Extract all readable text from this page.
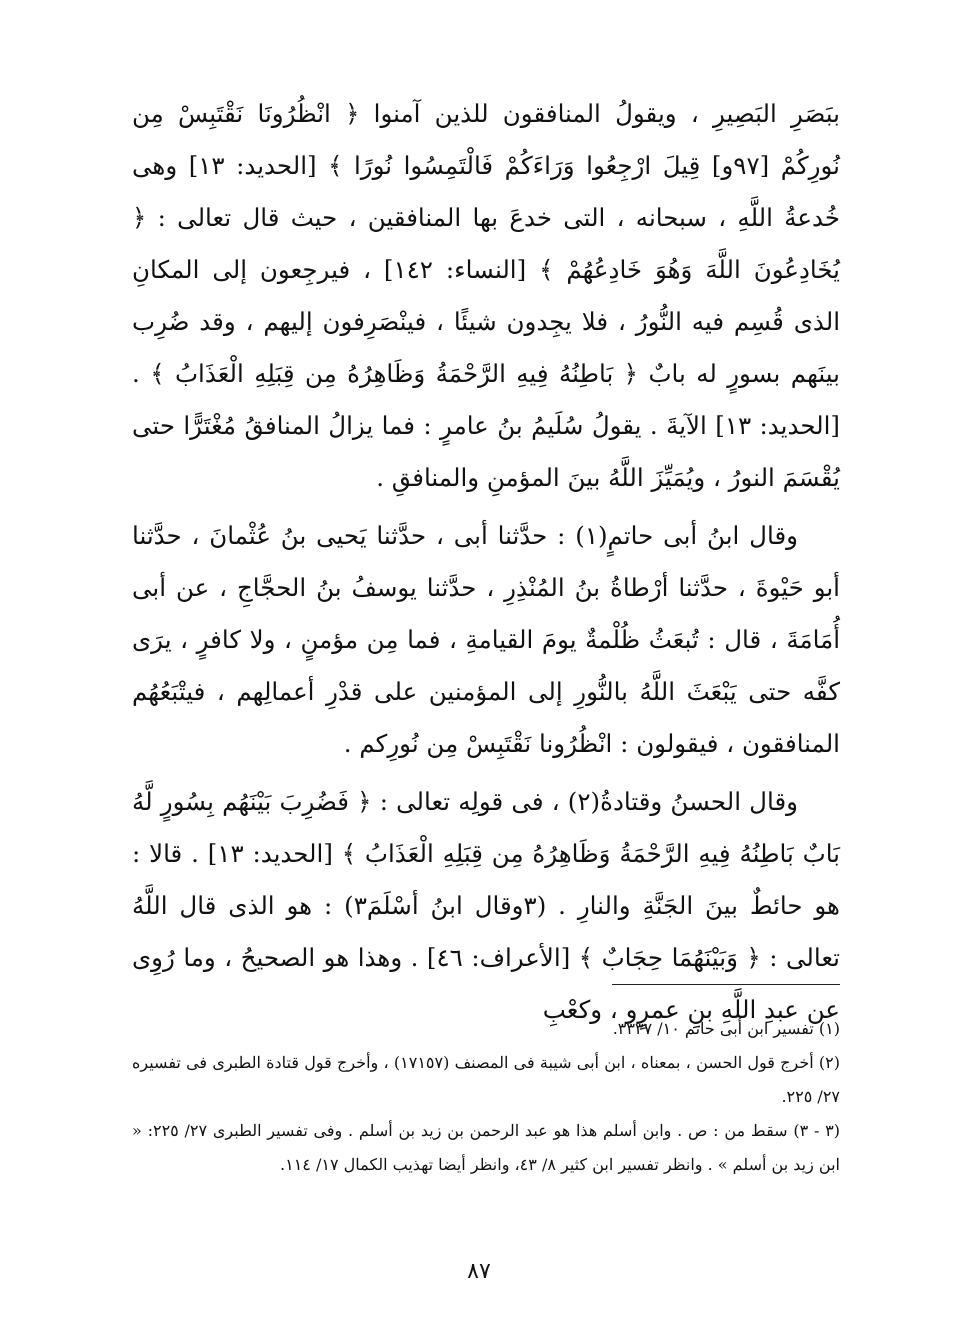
ببَصَرِ البَصِيرِ ، ويقولُ المنافقون للذين آمنوا ﴿ انْظُرُونَا نَقْتَبِسْ مِن نُورِكُمْ [٩٧و] قِيلَ ارْجِعُوا وَرَاءَكُمْ فَالْتَمِسُوا نُورًا ﴾ [الحديد: ١٣] وهى خُدعةُ اللَّهِ ، سبحانه ، التى خدعَ بها المنافقين ، حيث قال تعالى : ﴿ يُخَادِعُونَ اللَّهَ وَهُوَ خَادِعُهُمْ ﴾ [النساء: ١٤٢] ، فيرجِعون إلى المكانِ الذى قُسِم فيه النُّورُ ، فلا يجِدون شيئًا ، فينْصَرِفون إليهم ، وقد ضُرِب بينَهم بسورٍ له بابٌ ﴿ بَاطِنُهُ فِيهِ الرَّحْمَةُ وَظَاهِرُهُ مِن قِبَلِهِ الْعَذَابُ ﴾ . [الحديد: ١٣] الآيةَ . يقولُ سُلَيمُ بنُ عامرٍ : فما يزالُ المنافقُ مُغْتَرًّا حتى يُقْسَمَ النورُ ، ويُمَيِّزَ اللَّهُ بينَ المؤمنِ والمنافقِ .

وقال ابنُ أبى حاتمٍ(١) : حدَّثنا أبى ، حدَّثنا يَحيى بنُ عُثْمانَ ، حدَّثنا أبو حَيْوةَ ، حدَّثنا أرْطاةُ بنُ المُنْذِرِ ، حدَّثنا يوسفُ بنُ الحجَّاجِ ، عن أبى أُمَامَةَ ، قال : تُبعَثُ ظُلْمةٌ يومَ القيامةِ ، فما مِن مؤمنٍ ، ولا كافرٍ ، يرَى كفَّه حتى يَبْعَثَ اللَّهُ بالنُّورِ إلى المؤمنين على قدْرِ أعمالِهم ، فيتْبَعُهُم المنافقون ، فيقولون : انْظُرُونا نَقْتَبِسْ مِن نُورِكم .

وقال الحسنُ وقتادةُ(٢) ، فى قولِه تعالى : ﴿ فَضُرِبَ بَيْنَهُم بِسُورٍ لَّهُ بَابٌ بَاطِنُهُ فِيهِ الرَّحْمَةُ وَظَاهِرُهُ مِن قِبَلِهِ الْعَذَابُ ﴾ [الحديد: ١٣] . قالا : هو حائطٌ بينَ الجَنَّةِ والنارِ . (٣وقال ابنُ أسْلَمَ٣) : هو الذى قال اللَّهُ تعالى : ﴿ وَبَيْنَهُمَا حِجَابٌ ﴾ [الأعراف: ٤٦] . وهذا هو الصحيحُ ، وما رُوِى عن عبدِ اللَّهِ بنِ عمرٍو ، وكعْبِ

(١) تفسير ابن أبى حاتم ١٠/ ٣٣٣٧.

(٢) أخرج قول الحسن ، بمعناه ، ابن أبى شيبة فى المصنف (١٧١٥٧) ، وأخرج قول قتادة الطبرى فى تفسيره ٢٧/ ٢٢٥.

(٣ - ٣) سقط من : ص . وابن أسلم هذا هو عبد الرحمن بن زيد بن أسلم . وفى تفسير الطبرى ٢٧/ ٢٢٥: « ابن زيد بن أسلم » . وانظر تفسير ابن كثير ٨/ ٤٣، وانظر أيضا تهذيب الكمال ١٧/ ١١٤.

٨٧
